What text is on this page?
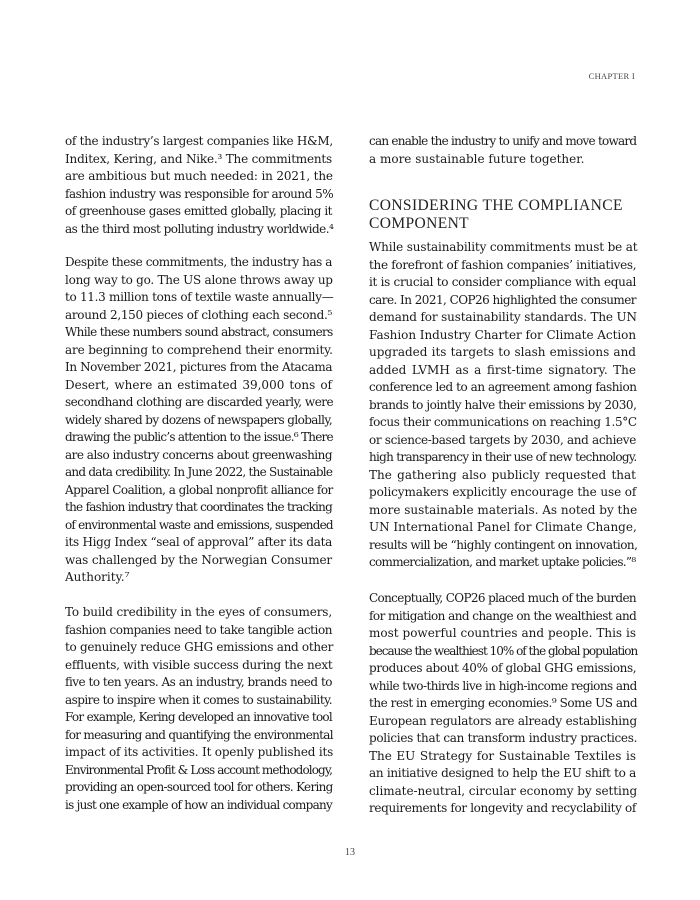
CHAPTER I
of the industry’s largest companies like H&M,
Inditex, Kering, and Nike.³ The commitments
are ambitious but much needed: in 2021, the
fashion industry was responsible for around 5%
of greenhouse gases emitted globally, placing it
as the third most polluting industry worldwide.⁴
Despite these commitments, the industry has a
long way to go. The US alone throws away up
to 11.3 million tons of textile waste annually—
around 2,150 pieces of clothing each second.⁵
While these numbers sound abstract, consumers
are beginning to comprehend their enormity.
In November 2021, pictures from the Atacama
Desert, where an estimated 39,000 tons of
secondhand clothing are discarded yearly, were
widely shared by dozens of newspapers globally,
drawing the public’s attention to the issue.⁶ There
are also industry concerns about greenwashing
and data credibility. In June 2022, the Sustainable
Apparel Coalition, a global nonprofit alliance for
the fashion industry that coordinates the tracking
of environmental waste and emissions, suspended
its Higg Index “seal of approval” after its data
was challenged by the Norwegian Consumer
Authority.⁷
To build credibility in the eyes of consumers,
fashion companies need to take tangible action
to genuinely reduce GHG emissions and other
effluents, with visible success during the next
five to ten years. As an industry, brands need to
aspire to inspire when it comes to sustainability.
For example, Kering developed an innovative tool
for measuring and quantifying the environmental
impact of its activities. It openly published its
Environmental Profit & Loss account methodology,
providing an open-sourced tool for others. Kering
is just one example of how an individual company
can enable the industry to unify and move toward
a more sustainable future together.
CONSIDERING THE COMPLIANCE COMPONENT
While sustainability commitments must be at
the forefront of fashion companies’ initiatives,
it is crucial to consider compliance with equal
care. In 2021, COP26 highlighted the consumer
demand for sustainability standards. The UN
Fashion Industry Charter for Climate Action
upgraded its targets to slash emissions and
added LVMH as a first-time signatory. The
conference led to an agreement among fashion
brands to jointly halve their emissions by 2030,
focus their communications on reaching 1.5°C
or science-based targets by 2030, and achieve
high transparency in their use of new technology.
The gathering also publicly requested that
policymakers explicitly encourage the use of
more sustainable materials. As noted by the
UN International Panel for Climate Change,
results will be “highly contingent on innovation,
commercialization, and market uptake policies.”⁸
Conceptually, COP26 placed much of the burden
for mitigation and change on the wealthiest and
most powerful countries and people. This is
because the wealthiest 10% of the global population
produces about 40% of global GHG emissions,
while two-thirds live in high-income regions and
the rest in emerging economies.⁹ Some US and
European regulators are already establishing
policies that can transform industry practices.
The EU Strategy for Sustainable Textiles is
an initiative designed to help the EU shift to a
climate-neutral, circular economy by setting
requirements for longevity and recyclability of
13
